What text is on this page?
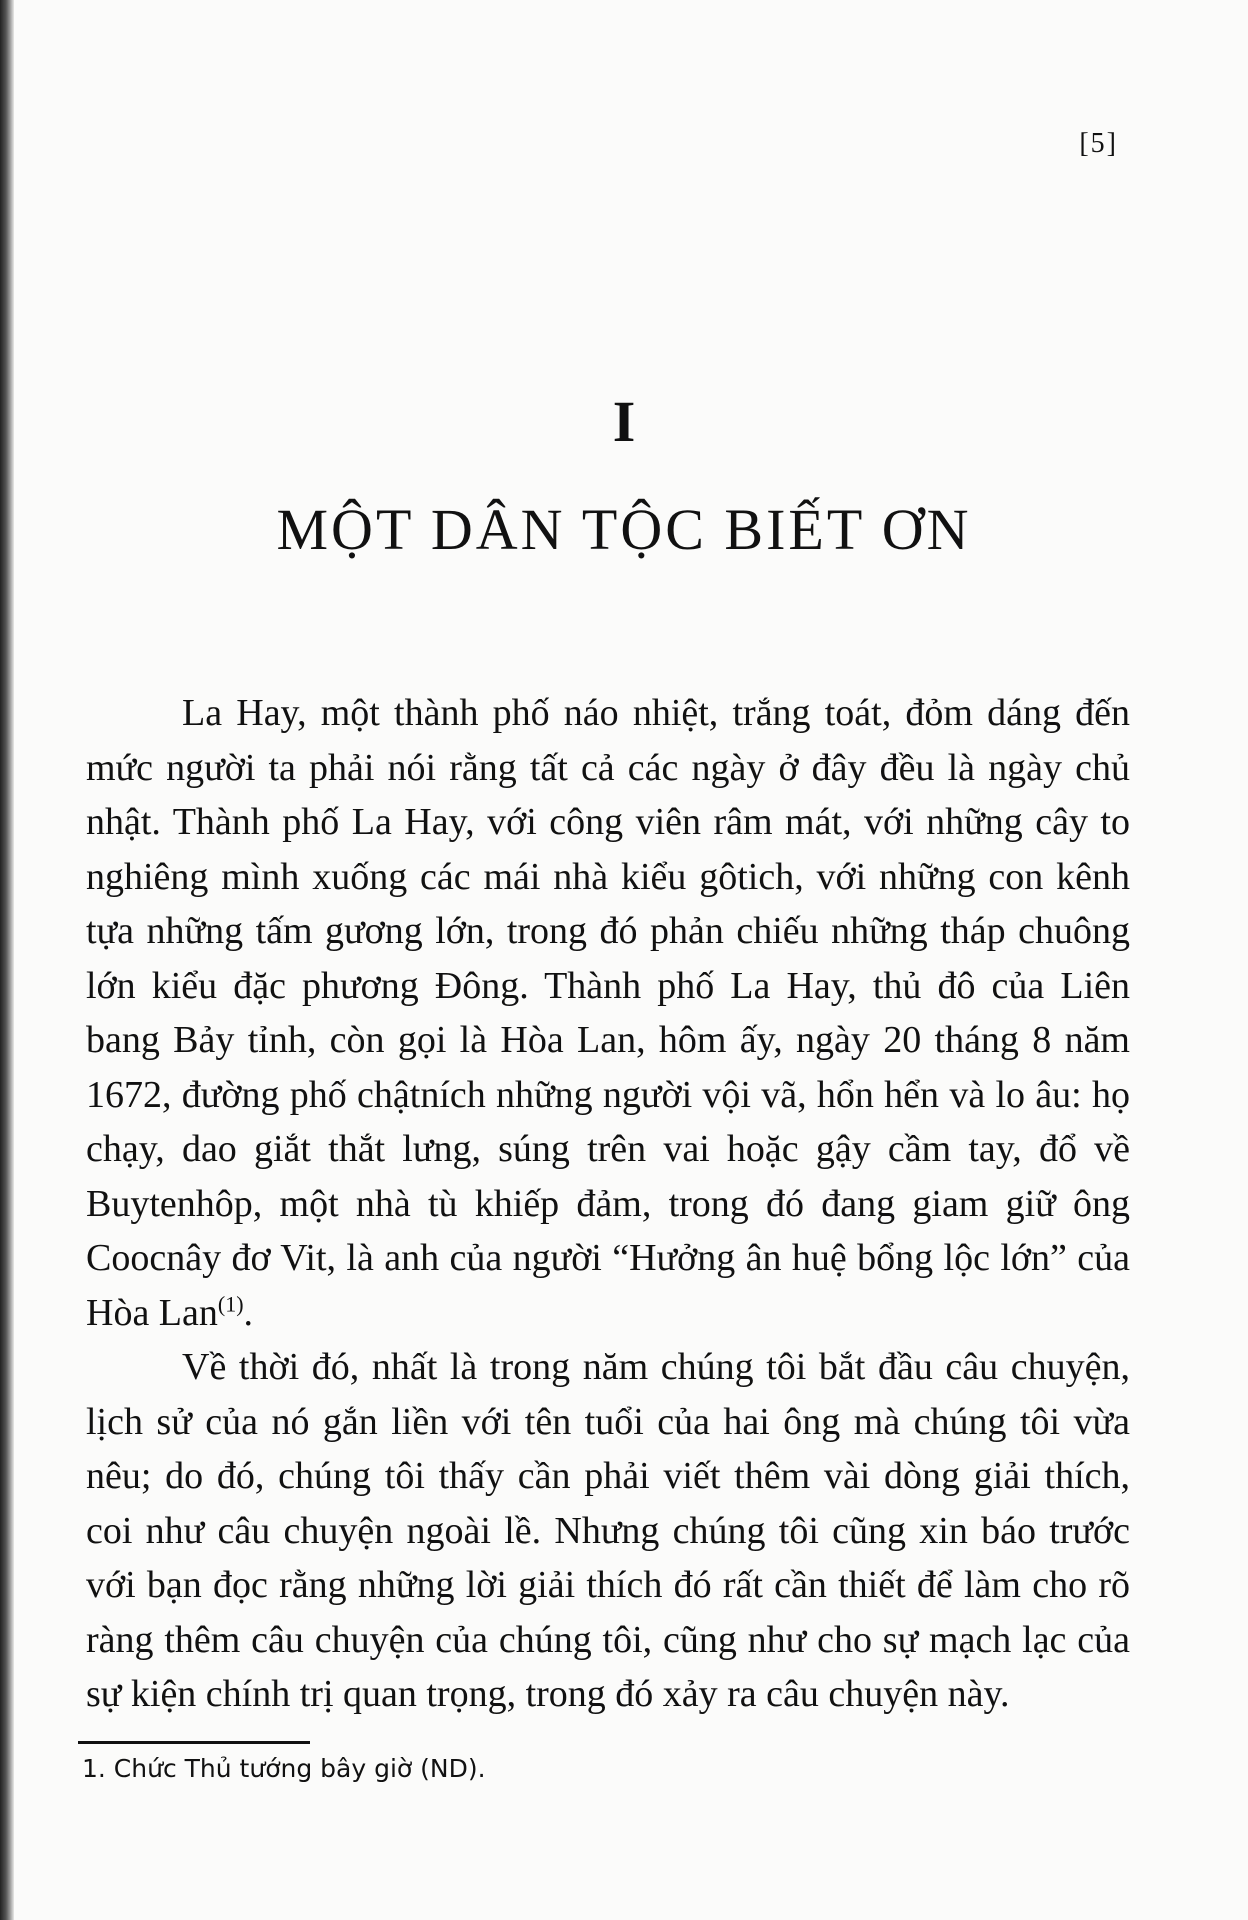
[5]
I
MỘT DÂN TỘC BIẾT ƠN

La Hay, một thành phố náo nhiệt, trắng toát, đỏm dáng đến mức người ta phải nói rằng tất cả các ngày ở đây đều là ngày chủ nhật. Thành phố La Hay, với công viên râm mát, với những cây to nghiêng mình xuống các mái nhà kiểu gôtich, với những con kênh tựa những tấm gương lớn, trong đó phản chiếu những tháp chuông lớn kiểu đặc phương Đông. Thành phố La Hay, thủ đô của Liên bang Bảy tỉnh, còn gọi là Hòa Lan, hôm ấy, ngày 20 tháng 8 năm 1672, đường phố chậtních những người vội vã, hổn hển và lo âu: họ chạy, dao giắt thắt lưng, súng trên vai hoặc gậy cầm tay, đổ về Buytenhôp, một nhà tù khiếp đảm, trong đó đang giam giữ ông Coocnây đơ Vit, là anh của người “Hưởng ân huệ bổng lộc lớn” của Hòa Lan$^{(1)}$.

Về thời đó, nhất là trong năm chúng tôi bắt đầu câu chuyện, lịch sử của nó gắn liền với tên tuổi của hai ông mà chúng tôi vừa nêu; do đó, chúng tôi thấy cần phải viết thêm vài dòng giải thích, coi như câu chuyện ngoài lề. Nhưng chúng tôi cũng xin báo trước với bạn đọc rằng những lời giải thích đó rất cần thiết để làm cho rõ ràng thêm câu chuyện của chúng tôi, cũng như cho sự mạch lạc của sự kiện chính trị quan trọng, trong đó xảy ra câu chuyện này.

1. Chức Thủ tướng bây giờ (ND).
